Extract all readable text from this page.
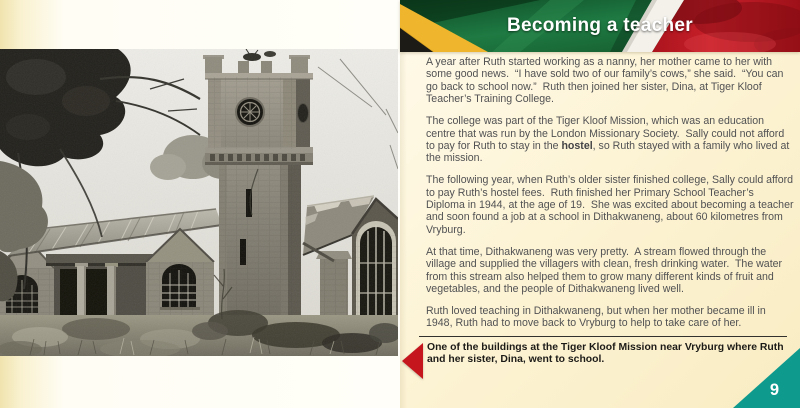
Becoming a teacher

A year after Ruth started working as a nanny, her mother came to her with some good news.  “I have sold two of our family’s cows,” she said.  “You can go back to school now.”  Ruth then joined her sister, Dina, at Tiger Kloof Teacher’s Training College.

The college was part of the Tiger Kloof Mission, which was an education centre that was run by the London Missionary Society.  Sally could not afford to pay for Ruth to stay in the hostel, so Ruth stayed with a family who lived at the mission.

The following year, when Ruth’s older sister finished college, Sally could afford to pay Ruth’s hostel fees.  Ruth finished her Primary School Teacher’s Diploma in 1944, at the age of 19.  She was excited about becoming a teacher and soon found a job at a school in Dithakwaneng, about 60 kilometres from Vryburg.

At that time, Dithakwaneng was very pretty.  A stream flowed through the village and supplied the villagers with clean, fresh drinking water.  The water from this stream also helped them to grow many different kinds of fruit and vegetables, and the people of Dithakwaneng lived well.

Ruth loved teaching in Dithakwaneng, but when her mother became ill in 1948, Ruth had to move back to Vryburg to help to take care of her.

One of the buildings at the Tiger Kloof Mission near Vryburg where Ruth and her sister, Dina, went to school.

9
